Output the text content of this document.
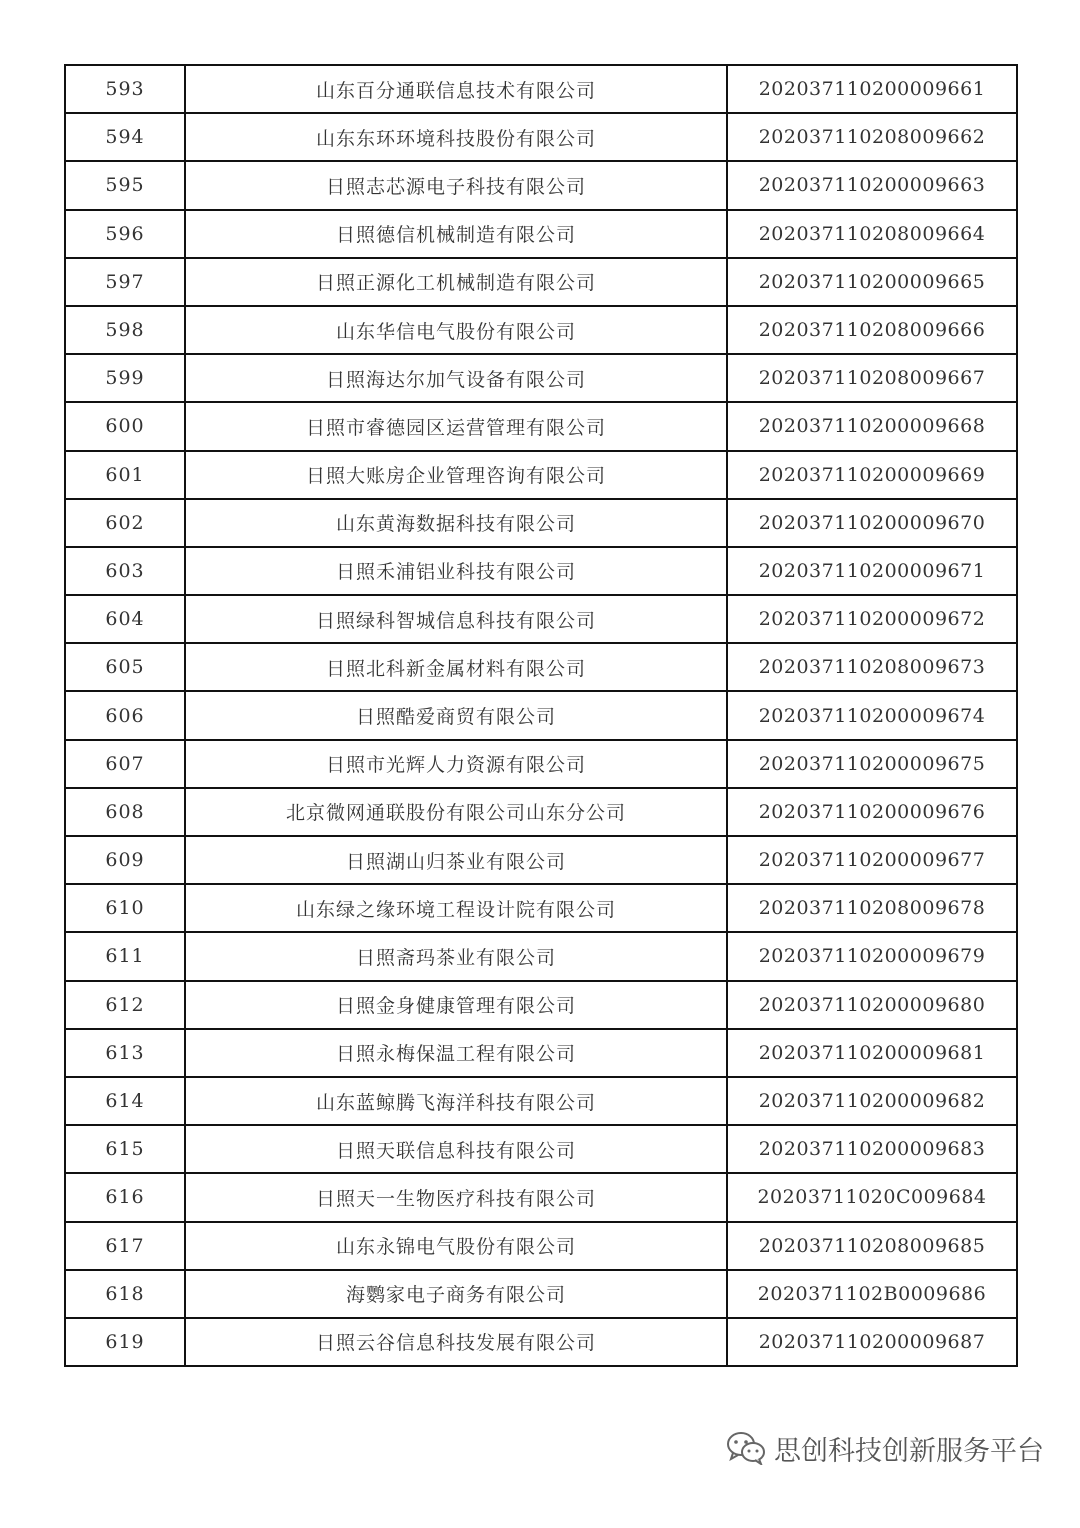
593	山东百分通联信息技术有限公司	202037110200009661
594	山东东环环境科技股份有限公司	202037110208009662
595	日照志芯源电子科技有限公司	202037110200009663
596	日照德信机械制造有限公司	202037110208009664
597	日照正源化工机械制造有限公司	202037110200009665
598	山东华信电气股份有限公司	202037110208009666
599	日照海达尔加气设备有限公司	202037110208009667
600	日照市睿德园区运营管理有限公司	202037110200009668
601	日照大账房企业管理咨询有限公司	202037110200009669
602	山东黄海数据科技有限公司	202037110200009670
603	日照禾浦铝业科技有限公司	202037110200009671
604	日照绿科智城信息科技有限公司	202037110200009672
605	日照北科新金属材料有限公司	202037110208009673
606	日照酷爱商贸有限公司	202037110200009674
607	日照市光辉人力资源有限公司	202037110200009675
608	北京微网通联股份有限公司山东分公司	202037110200009676
609	日照湖山归茶业有限公司	202037110200009677
610	山东绿之缘环境工程设计院有限公司	202037110208009678
611	日照斋玛茶业有限公司	202037110200009679
612	日照金身健康管理有限公司	202037110200009680
613	日照永梅保温工程有限公司	202037110200009681
614	山东蓝鲸腾飞海洋科技有限公司	202037110200009682
615	日照天联信息科技有限公司	202037110200009683
616	日照天一生物医疗科技有限公司	20203711020C009684
617	山东永锦电气股份有限公司	202037110208009685
618	海鹦家电子商务有限公司	2020371102B0009686
619	日照云谷信息科技发展有限公司	202037110200009687
思创科技创新服务平台
